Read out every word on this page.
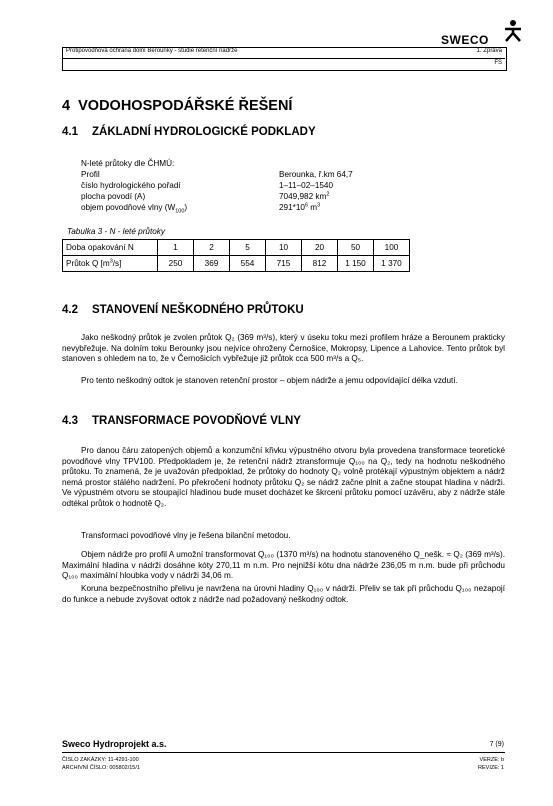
SWECO
Protipovodňová ochrana dolní Berounky - studie retenční nádrže	1. Zpráva
FS
4 VODOHOSPODÁŘSKÉ ŘEŠENÍ
4.1 ZÁKLADNÍ HYDROLOGICKÉ PODKLADY
N-leté průtoky dle ČHMÚ:
Profil	Berounka, ř.km 64,7
číslo hydrologického pořadí	1–11–02–1540
plocha povodí (A)	7049,982 $km^2$
objem povodňové vlny $(W_{100})$	$291*10^6$ $m^3$
Tabulka 3 - N - leté průtoky
Doba opakování N	1	2	5	10	20	50	100
Průtok Q $[m^3/s]$	250	369	554	715	812	1 150	1 370
4.2 STANOVENÍ NEŠKODNÉHO PRŮTOKU
Jako neškodný průtok je zvolen průtok Q₂ (369 m³/s), který v úseku toku mezi profilem hráze a Berounem prakticky nevybřežuje. Na dolním toku Berounky jsou nejvíce ohroženy Černošice, Mokropsy, Lipence a Lahovice. Tento průtok byl stanoven s ohledem na to, že v Černošicích vybřežuje již průtok cca 500 m³/s a Q₅.
Pro tento neškodný odtok je stanoven retenční prostor – objem nádrže a jemu odpovídající délka vzdutí.
4.3 TRANSFORMACE POVODŇOVÉ VLNY
Pro danou čáru zatopených objemů a konzumční křivku výpustného otvoru byla provedena transformace teoretické povodňové vlny TPV100. Předpokladem je, že retenční nádrž ztransformuje Q₁₀₀ na Q₂, tedy na hodnotu neškodného průtoku. To znamená, že je uvažován předpoklad, že průtoky do hodnoty Q₂ volně protékají výpustným objektem a nádrž nemá prostor stálého nadržení. Po překročení hodnoty průtoku Q₂ se nádrž začne plnit a začne stoupat hladina v nádrži. Ve výpustném otvoru se stoupající hladinou bude muset docházet ke škrcení průtoku pomocí uzávěru, aby z nádrže stále odtékal průtok o hodnotě Q₂.
Transformaci povodňové vlny je řešena bilanční metodou.
Objem nádrže pro profil A umožní transformovat Q₁₀₀ (1370 m³/s) na hodnotu stanoveného Q_nešk. ≈ Q₂ (369 m³/s). Maximální hladina v nádrži dosáhne kóty 270,11 m n.m. Pro nejnižší kótu dna nádrže 236,05 m n.m. bude při průchodu Q₁₀₀ maximální hloubka vody v nádrži 34,06 m.
Koruna bezpečnostního přelivu je navržena na úrovni hladiny Q₁₀₀ v nádrži. Přeliv se tak při průchodu Q₁₀₀ nezapojí do funkce a nebude zvyšovat odtok z nádrže nad požadovaný neškodný odtok.
Sweco Hydroprojekt a.s.	7 (9)
ČÍSLO ZAKÁZKY: 11-4291-100
ARCHIVNÍ ČÍSLO: 005802/15/1
VERZE: b
REVIZE: 1
